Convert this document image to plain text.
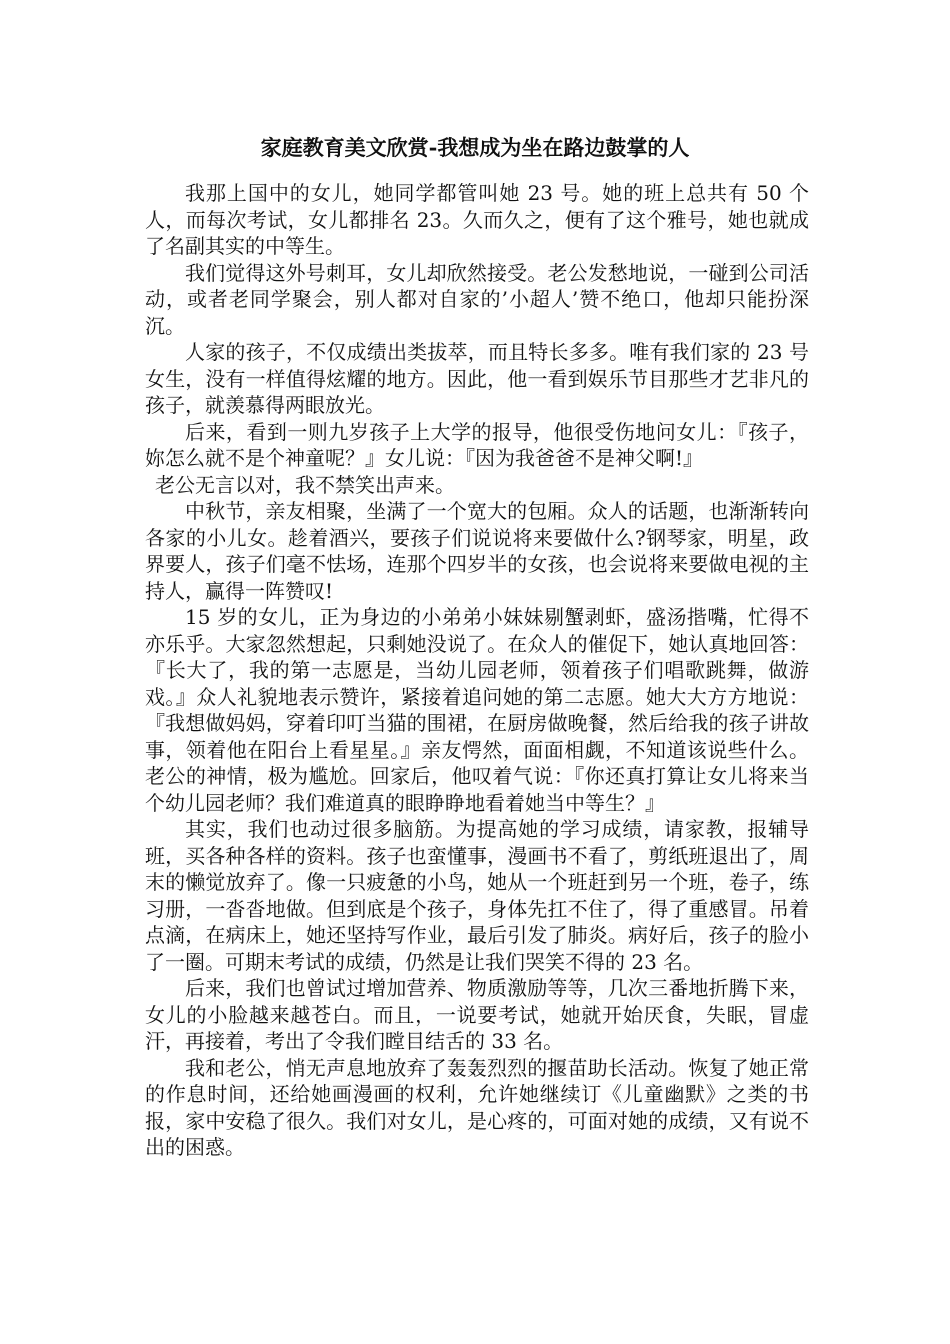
家庭教育美文欣赏-我想成为坐在路边鼓掌的人

我那上国中的女儿，她同学都管叫她 23 号。她的班上总共有 50 个人，而每次考试，女儿都排名 23。久而久之，便有了这个雅号，她也就成了名副其实的中等生。

我们觉得这外号刺耳，女儿却欣然接受。老公发愁地说，一碰到公司活动，或者老同学聚会，别人都对自家的’小超人’赞不绝口，他却只能扮深沉。

人家的孩子，不仅成绩出类拔萃，而且特长多多。唯有我们家的 23 号女生，没有一样值得炫耀的地方。因此，他一看到娱乐节目那些才艺非凡的孩子，就羡慕得两眼放光。

后来，看到一则九岁孩子上大学的报导，他很受伤地问女儿：『孩子，妳怎么就不是个神童呢？』女儿说：『因为我爸爸不是神父啊!』

老公无言以对，我不禁笑出声来。

中秋节，亲友相聚，坐满了一个宽大的包厢。众人的话题，也渐渐转向各家的小儿女。趁着酒兴，要孩子们说说将来要做什么?钢琴家，明星，政界要人，孩子们毫不怯场，连那个四岁半的女孩，也会说将来要做电视的主持人，赢得一阵赞叹!

15 岁的女儿，正为身边的小弟弟小妹妹剔蟹剥虾，盛汤揩嘴，忙得不亦乐乎。大家忽然想起，只剩她没说了。在众人的催促下，她认真地回答：『长大了，我的第一志愿是，当幼儿园老师，领着孩子们唱歌跳舞，做游戏。』众人礼貌地表示赞许，紧接着追问她的第二志愿。她大大方方地说：『我想做妈妈，穿着印叮当猫的围裙，在厨房做晚餐，然后给我的孩子讲故事，领着他在阳台上看星星。』亲友愕然，面面相觑，不知道该说些什么。老公的神情，极为尴尬。回家后，他叹着气说：『你还真打算让女儿将来当个幼儿园老师？我们难道真的眼睁睁地看着她当中等生？』

其实，我们也动过很多脑筋。为提高她的学习成绩，请家教，报辅导班，买各种各样的资料。孩子也蛮懂事，漫画书不看了，剪纸班退出了，周末的懒觉放弃了。像一只疲惫的小鸟，她从一个班赶到另一个班，卷子，练习册，一沓沓地做。但到底是个孩子，身体先扛不住了，得了重感冒。吊着点滴，在病床上，她还坚持写作业，最后引发了肺炎。病好后，孩子的脸小了一圈。可期末考试的成绩，仍然是让我们哭笑不得的 23 名。

后来，我们也曾试过增加营养、物质激励等等，几次三番地折腾下来，女儿的小脸越来越苍白。而且，一说要考试，她就开始厌食，失眠，冒虚汗，再接着，考出了令我们瞠目结舌的 33 名。

我和老公，悄无声息地放弃了轰轰烈烈的揠苗助长活动。恢复了她正常的作息时间，还给她画漫画的权利，允许她继续订《儿童幽默》之类的书报，家中安稳了很久。我们对女儿，是心疼的，可面对她的成绩，又有说不出的困惑。
